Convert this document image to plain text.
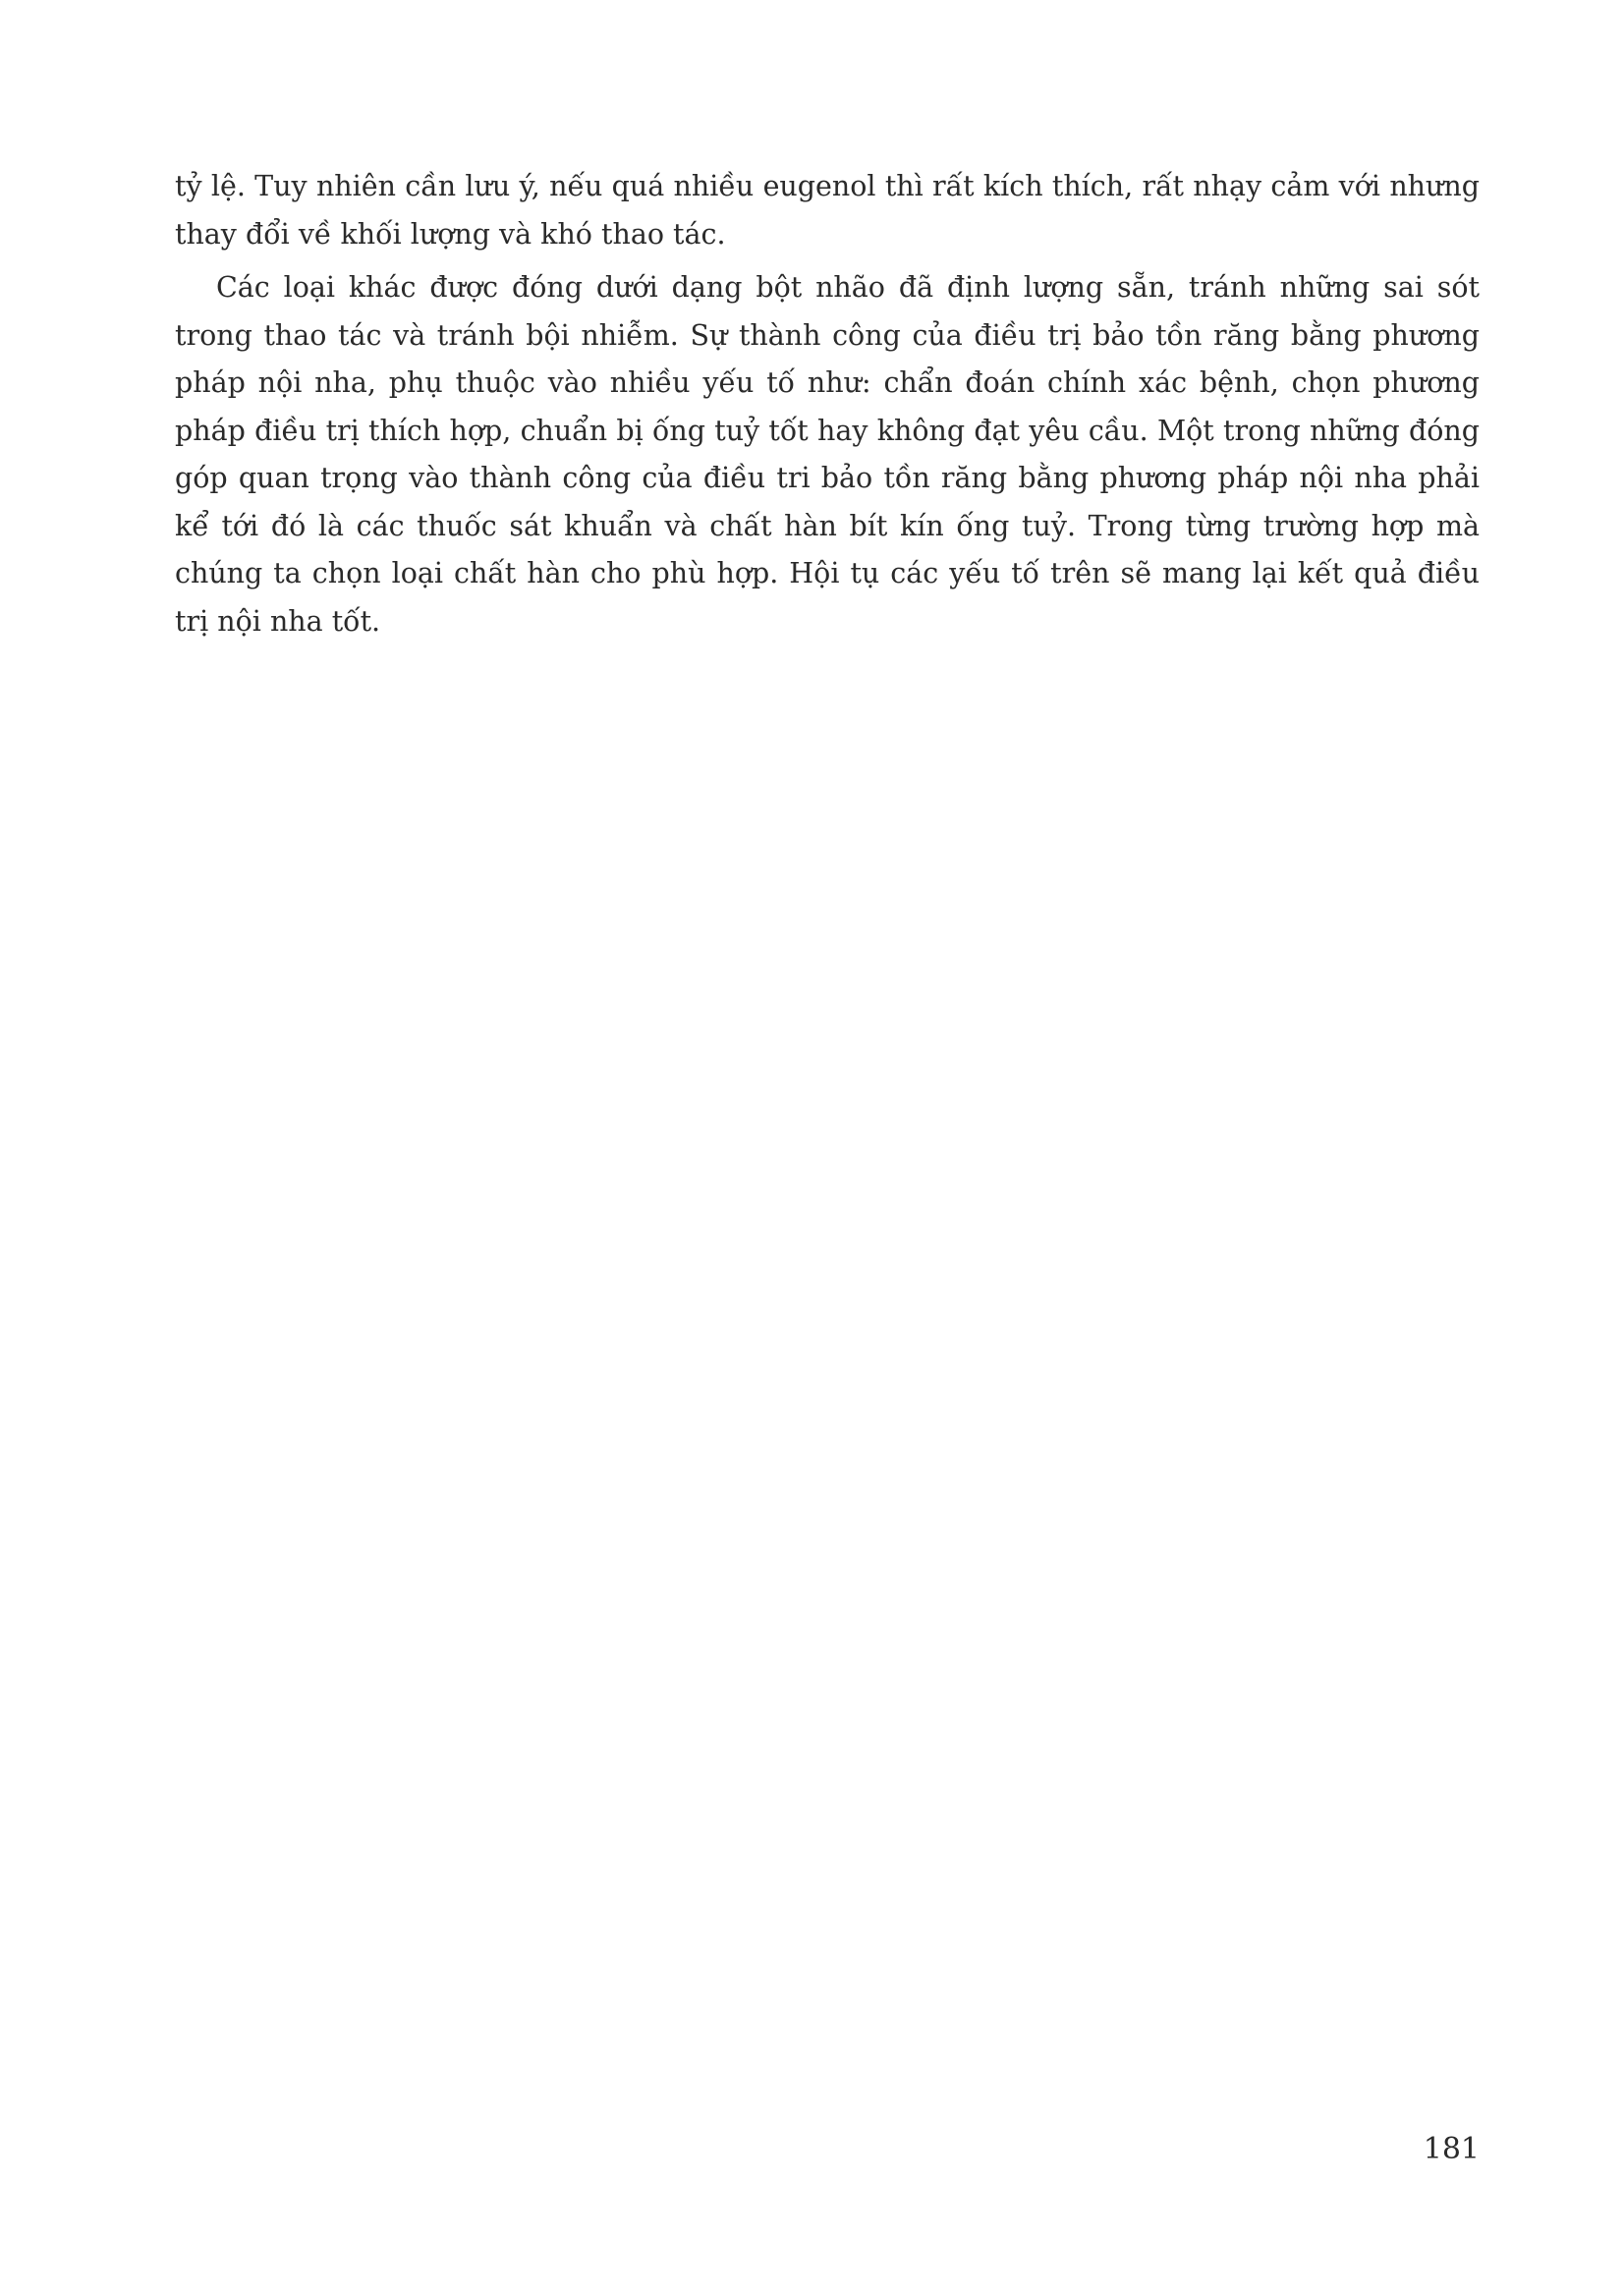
tỷ lệ. Tuy nhiên cần lưu ý, nếu quá nhiều eugenol thì rất kích thích, rất nhạy cảm với nhưng thay đổi về khối lượng và khó thao tác.

Các loại khác được đóng dưới dạng bột nhão đã định lượng sẵn, tránh những sai sót trong thao tác và tránh bội nhiễm. Sự thành công của điều trị bảo tồn răng bằng phương pháp nội nha, phụ thuộc vào nhiều yếu tố như: chẩn đoán chính xác bệnh, chọn phương pháp điều trị thích hợp, chuẩn bị ống tuỷ tốt hay không đạt yêu cầu. Một trong những đóng góp quan trọng vào thành công của điều tri bảo tồn răng bằng phương pháp nội nha phải kể tới đó là các thuốc sát khuẩn và chất hàn bít kín ống tuỷ. Trong từng trường hợp mà chúng ta chọn loại chất hàn cho phù hợp. Hội tụ các yếu tố trên sẽ mang lại kết quả điều trị nội nha tốt.

181
